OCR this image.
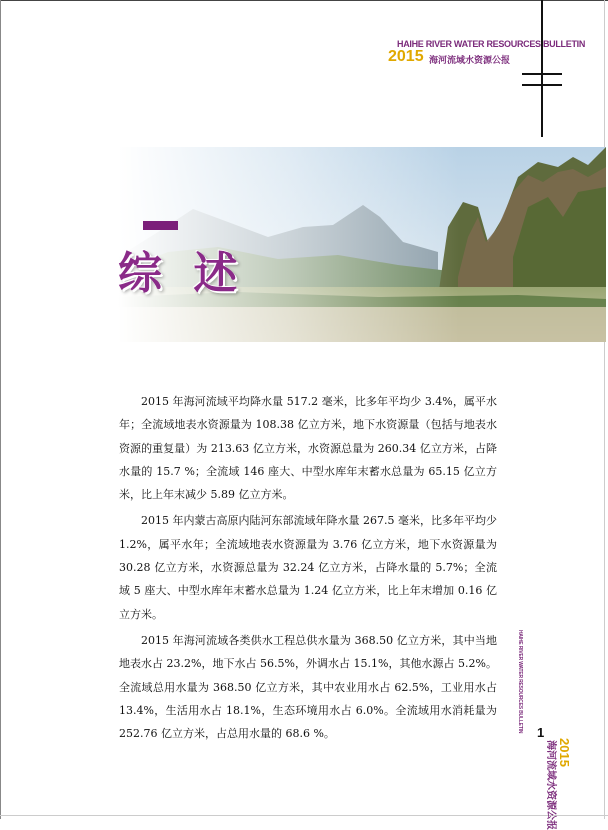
HAIHE RIVER WATER RESOURCES BULLETIN
2015 海河流域水资源公报
综 述

2015 年海河流域平均降水量 517.2 毫米，比多年平均少 3.4%，属平水年；全流域地表水资源量为 108.38 亿立方米，地下水资源量（包括与地表水资源的重复量）为 213.63 亿立方米，水资源总量为 260.34 亿立方米，占降水量的 15.7 %；全流域 146 座大、中型水库年末蓄水总量为 65.15 亿立方米，比上年末减少 5.89 亿立方米。

2015 年内蒙古高原内陆河东部流域年降水量 267.5 毫米，比多年平均少 1.2%，属平水年；全流域地表水资源量为 3.76 亿立方米，地下水资源量为 30.28 亿立方米，水资源总量为 32.24 亿立方米，占降水量的 5.7%；全流域 5 座大、中型水库年末蓄水总量为 1.24 亿立方米，比上年末增加 0.16 亿立方米。

2015 年海河流域各类供水工程总供水量为 368.50 亿立方米，其中当地地表水占 23.2%，地下水占 56.5%，外调水占 15.1%，其他水源占 5.2%。全流域总用水量为 368.50 亿立方米，其中农业用水占 62.5%，工业用水占 13.4%，生活用水占 18.1%，生态环境用水占 6.0%。全流域用水消耗量为 252.76 亿立方米，占总用水量的 68.6 %。

HAIHE RIVER WATER RESOURCES BULLETIN 1
2015
海河流域水资源公报
